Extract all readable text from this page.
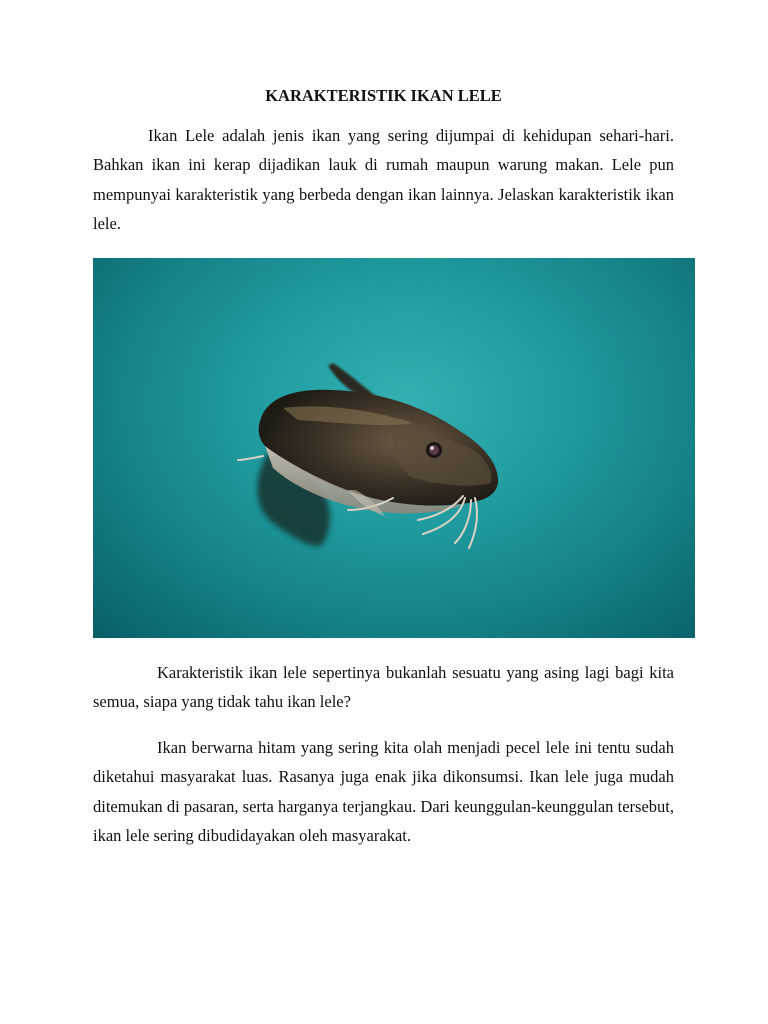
KARAKTERISTIK IKAN LELE

Ikan Lele adalah jenis ikan yang sering dijumpai di kehidupan sehari-hari. Bahkan ikan ini kerap dijadikan lauk di rumah maupun warung makan. Lele pun mempunyai karakteristik yang berbeda dengan ikan lainnya. Jelaskan karakteristik ikan lele.

Karakteristik ikan lele sepertinya bukanlah sesuatu yang asing lagi bagi kita semua, siapa yang tidak tahu ikan lele?

Ikan berwarna hitam yang sering kita olah menjadi pecel lele ini tentu sudah diketahui masyarakat luas. Rasanya juga enak jika dikonsumsi. Ikan lele juga mudah ditemukan di pasaran, serta harganya terjangkau. Dari keunggulan-keunggulan tersebut, ikan lele sering dibudidayakan oleh masyarakat.
